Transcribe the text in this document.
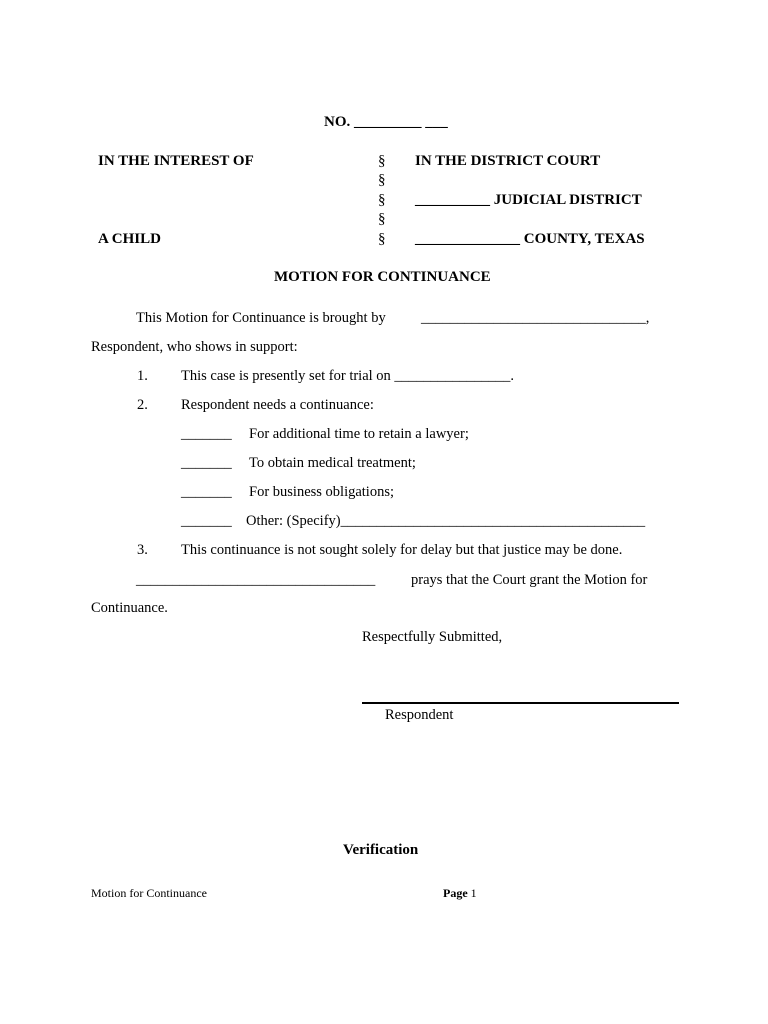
NO. _________ ___
IN THE INTEREST OF
A CHILD
§
§
§
§
§
IN THE DISTRICT COURT
__________ JUDICIAL DISTRICT
______________ COUNTY, TEXAS
MOTION FOR CONTINUANCE
This Motion for Continuance is brought by _______________________________,
Respondent, who shows in support:
1. This case is presently set for trial on ________________.
2. Respondent needs a continuance:
_______ For additional time to retain a lawyer;
_______ To obtain medical treatment;
_______ For business obligations;
_______ Other: (Specify)__________________________________________
3. This continuance is not sought solely for delay but that justice may be done.
_________________________________ prays that the Court grant the Motion for
Continuance.
Respectfully Submitted,
Respondent
Verification
Motion for Continuance	Page 1
